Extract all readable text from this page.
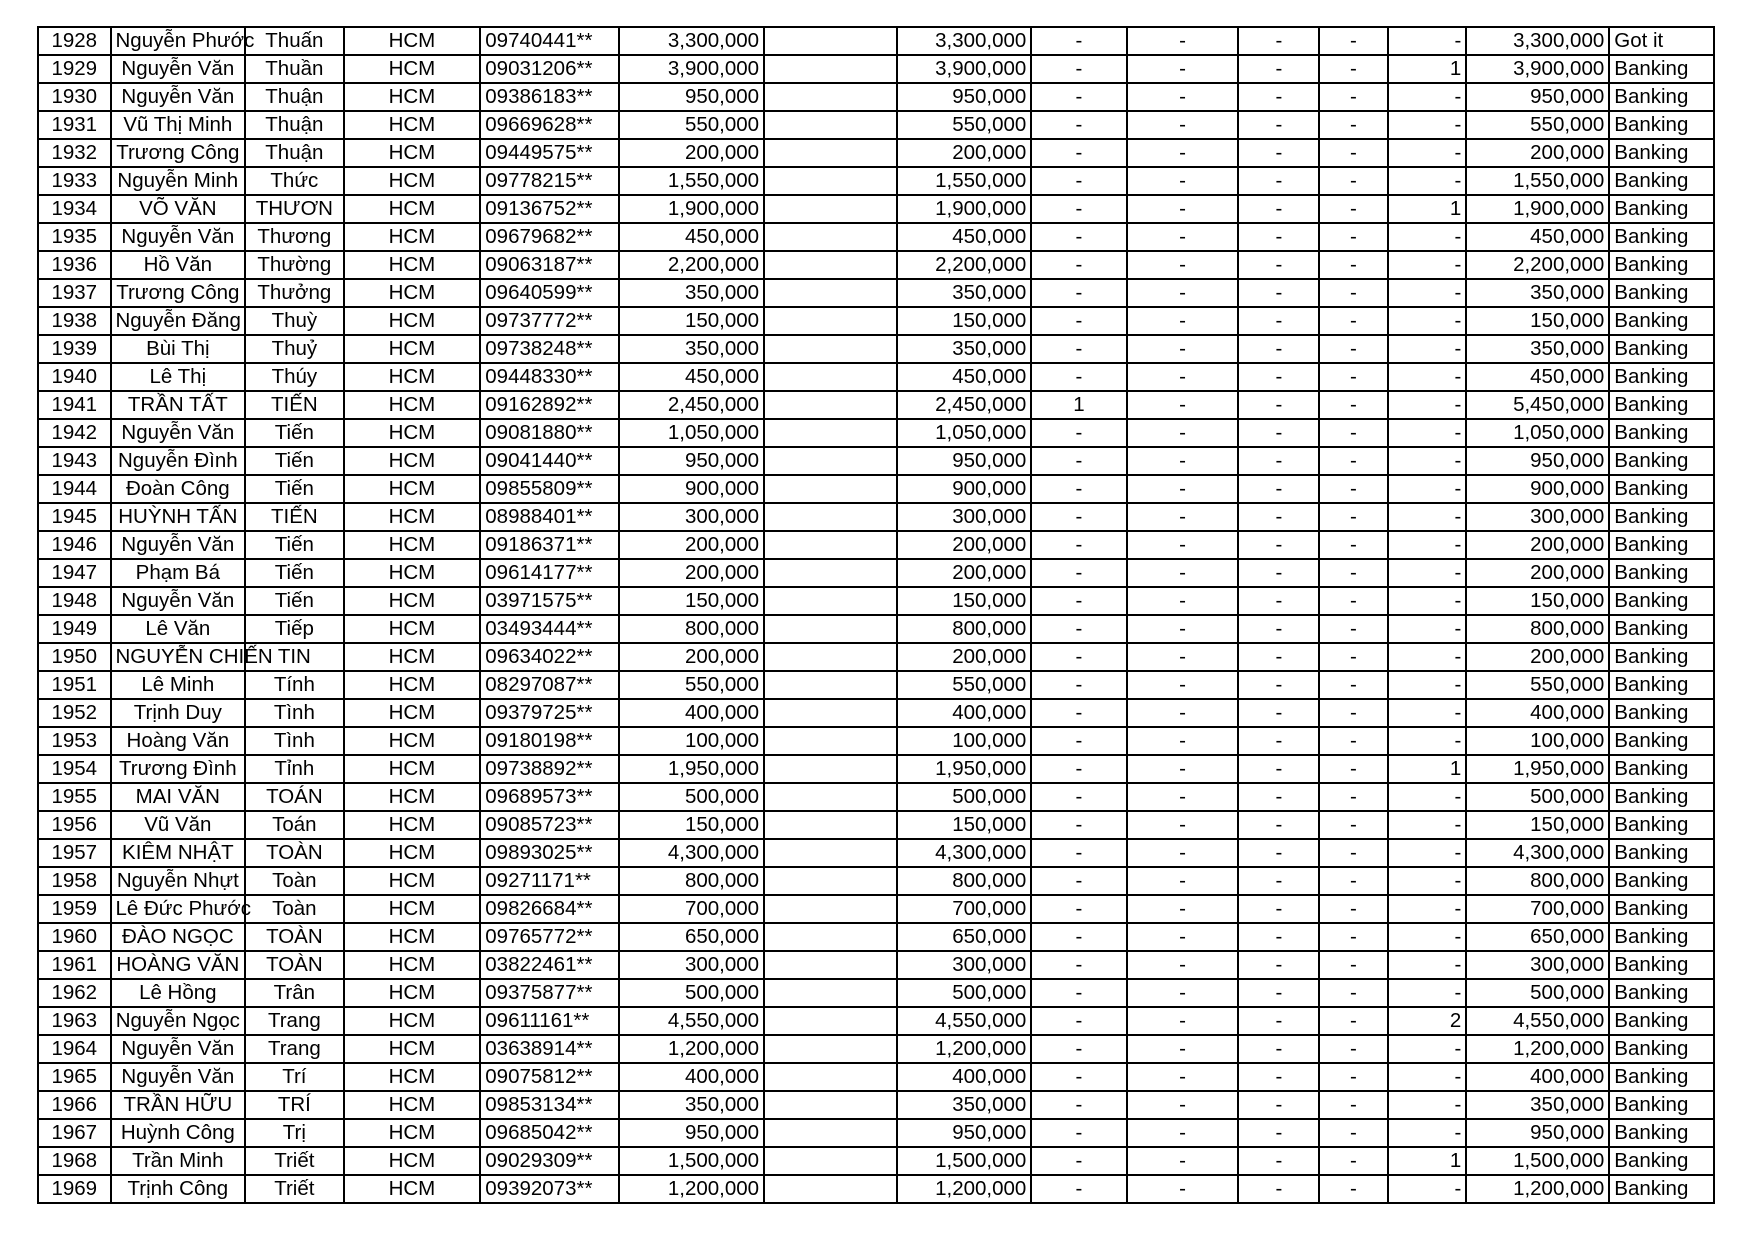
1928	Nguyễn Phước	Thuấn	HCM	09740441**	3,300,000		3,300,000	-	-	-	-	-	3,300,000	Got it
1929	Nguyễn Văn	Thuần	HCM	09031206**	3,900,000		3,900,000	-	-	-	-	1	3,900,000	Banking
1930	Nguyễn Văn	Thuận	HCM	09386183**	950,000		950,000	-	-	-	-	-	950,000	Banking
1931	Vũ Thị Minh	Thuận	HCM	09669628**	550,000		550,000	-	-	-	-	-	550,000	Banking
1932	Trương Công	Thuận	HCM	09449575**	200,000		200,000	-	-	-	-	-	200,000	Banking
1933	Nguyễn Minh	Thức	HCM	09778215**	1,550,000		1,550,000	-	-	-	-	-	1,550,000	Banking
1934	VÕ VĂN	THƯƠN	HCM	09136752**	1,900,000		1,900,000	-	-	-	-	1	1,900,000	Banking
1935	Nguyễn Văn	Thương	HCM	09679682**	450,000		450,000	-	-	-	-	-	450,000	Banking
1936	Hồ Văn	Thường	HCM	09063187**	2,200,000		2,200,000	-	-	-	-	-	2,200,000	Banking
1937	Trương Công	Thưởng	HCM	09640599**	350,000		350,000	-	-	-	-	-	350,000	Banking
1938	Nguyễn Đăng	Thuỳ	HCM	09737772**	150,000		150,000	-	-	-	-	-	150,000	Banking
1939	Bùi Thị	Thuỷ	HCM	09738248**	350,000		350,000	-	-	-	-	-	350,000	Banking
1940	Lê Thị	Thúy	HCM	09448330**	450,000		450,000	-	-	-	-	-	450,000	Banking
1941	TRẦN TẤT	TIẾN	HCM	09162892**	2,450,000		2,450,000	1	-	-	-	-	5,450,000	Banking
1942	Nguyễn Văn	Tiến	HCM	09081880**	1,050,000		1,050,000	-	-	-	-	-	1,050,000	Banking
1943	Nguyễn Đình	Tiến	HCM	09041440**	950,000		950,000	-	-	-	-	-	950,000	Banking
1944	Đoàn Công	Tiến	HCM	09855809**	900,000		900,000	-	-	-	-	-	900,000	Banking
1945	HUỲNH TẤN	TIẾN	HCM	08988401**	300,000		300,000	-	-	-	-	-	300,000	Banking
1946	Nguyễn Văn	Tiến	HCM	09186371**	200,000		200,000	-	-	-	-	-	200,000	Banking
1947	Phạm Bá	Tiến	HCM	09614177**	200,000		200,000	-	-	-	-	-	200,000	Banking
1948	Nguyễn Văn	Tiến	HCM	03971575**	150,000		150,000	-	-	-	-	-	150,000	Banking
1949	Lê Văn	Tiếp	HCM	03493444**	800,000		800,000	-	-	-	-	-	800,000	Banking
1950	NGUYỄN CHIẾN	TIN	HCM	09634022**	200,000		200,000	-	-	-	-	-	200,000	Banking
1951	Lê Minh	Tính	HCM	08297087**	550,000		550,000	-	-	-	-	-	550,000	Banking
1952	Trịnh Duy	Tình	HCM	09379725**	400,000		400,000	-	-	-	-	-	400,000	Banking
1953	Hoàng Văn	Tình	HCM	09180198**	100,000		100,000	-	-	-	-	-	100,000	Banking
1954	Trương Đình	Tỉnh	HCM	09738892**	1,950,000		1,950,000	-	-	-	-	1	1,950,000	Banking
1955	MAI VĂN	TOÁN	HCM	09689573**	500,000		500,000	-	-	-	-	-	500,000	Banking
1956	Vũ Văn	Toán	HCM	09085723**	150,000		150,000	-	-	-	-	-	150,000	Banking
1957	KIÊM NHẬT	TOÀN	HCM	09893025**	4,300,000		4,300,000	-	-	-	-	-	4,300,000	Banking
1958	Nguyễn Nhựt	Toàn	HCM	09271171**	800,000		800,000	-	-	-	-	-	800,000	Banking
1959	Lê Đức Phước	Toàn	HCM	09826684**	700,000		700,000	-	-	-	-	-	700,000	Banking
1960	ĐÀO NGỌC	TOÀN	HCM	09765772**	650,000		650,000	-	-	-	-	-	650,000	Banking
1961	HOÀNG VĂN	TOÀN	HCM	03822461**	300,000		300,000	-	-	-	-	-	300,000	Banking
1962	Lê Hồng	Trân	HCM	09375877**	500,000		500,000	-	-	-	-	-	500,000	Banking
1963	Nguyễn Ngọc	Trang	HCM	09611161**	4,550,000		4,550,000	-	-	-	-	2	4,550,000	Banking
1964	Nguyễn Văn	Trang	HCM	03638914**	1,200,000		1,200,000	-	-	-	-	-	1,200,000	Banking
1965	Nguyễn Văn	Trí	HCM	09075812**	400,000		400,000	-	-	-	-	-	400,000	Banking
1966	TRẦN HỮU	TRÍ	HCM	09853134**	350,000		350,000	-	-	-	-	-	350,000	Banking
1967	Huỳnh Công	Trị	HCM	09685042**	950,000		950,000	-	-	-	-	-	950,000	Banking
1968	Trần Minh	Triết	HCM	09029309**	1,500,000		1,500,000	-	-	-	-	1	1,500,000	Banking
1969	Trịnh Công	Triết	HCM	09392073**	1,200,000		1,200,000	-	-	-	-	-	1,200,000	Banking
